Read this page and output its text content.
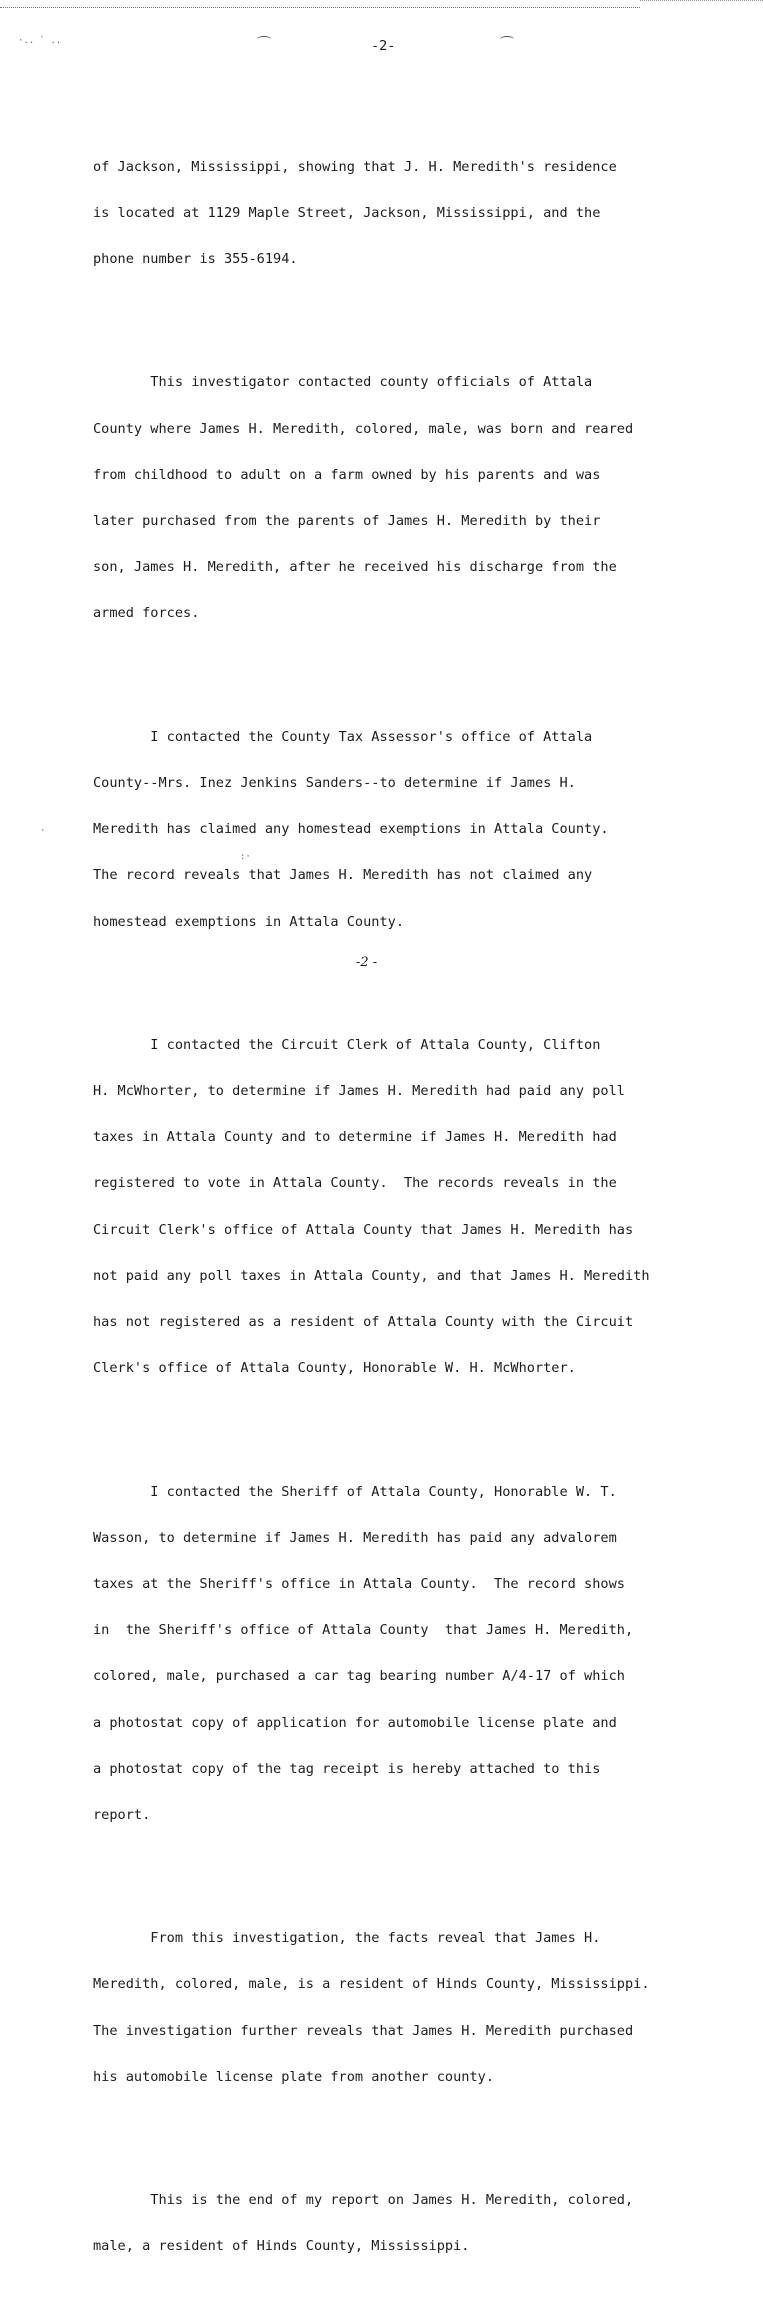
-2-

of Jackson, Mississippi, showing that J. H. Meredith's residence

is located at 1129 Maple Street, Jackson, Mississippi, and the

phone number is 355-6194.

This investigator contacted county officials of Attala

County where James H. Meredith, colored, male, was born and reared

from childhood to adult on a farm owned by his parents and was

later purchased from the parents of James H. Meredith by their

son, James H. Meredith, after he received his discharge from the

armed forces.

I contacted the County Tax Assessor's office of Attala

County--Mrs. Inez Jenkins Sanders--to determine if James H.

Meredith has claimed any homestead exemptions in Attala County.

The record reveals that James H. Meredith has not claimed any

homestead exemptions in Attala County.

I contacted the Circuit Clerk of Attala County, Clifton

H. McWhorter, to determine if James H. Meredith had paid any poll

taxes in Attala County and to determine if James H. Meredith had

registered to vote in Attala County.  The records reveals in the

Circuit Clerk's office of Attala County that James H. Meredith has

not paid any poll taxes in Attala County, and that James H. Meredith

has not registered as a resident of Attala County with the Circuit

Clerk's office of Attala County, Honorable W. H. McWhorter.

I contacted the Sheriff of Attala County, Honorable W. T.

Wasson, to determine if James H. Meredith has paid any advalorem

taxes at the Sheriff's office in Attala County.  The record shows

in  the Sheriff's office of Attala County  that James H. Meredith,

colored, male, purchased a car tag bearing number A/4-17 of which

a photostat copy of application for automobile license plate and

a photostat copy of the tag receipt is hereby attached to this

report.

From this investigation, the facts reveal that James H.

Meredith, colored, male, is a resident of Hinds County, Mississippi.

The investigation further reveals that James H. Meredith purchased

his automobile license plate from another county.

This is the end of my report on James H. Meredith, colored,

male, a resident of Hinds County, Mississippi.

·.. ` ..
:·
·
-2 -
